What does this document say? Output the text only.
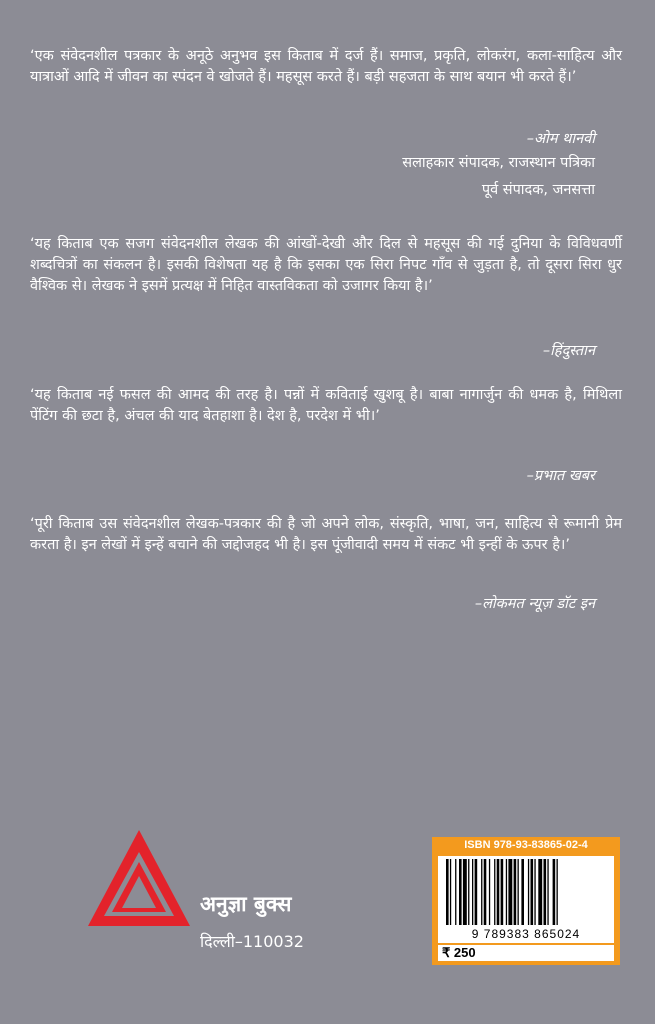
‘एक संवेदनशील पत्रकार के अनूठे अनुभव इस किताब में दर्ज हैं। समाज, प्रकृति, लोकरंग, कला-साहित्य और यात्राओं आदि में जीवन का स्पंदन वे खोजते हैं। महसूस करते हैं। बड़ी सहजता के साथ बयान भी करते हैं।’
–ओम थानवी
सलाहकार संपादक, राजस्थान पत्रिका
पूर्व संपादक, जनसत्ता
‘यह किताब एक सजग संवेदनशील लेखक की आंखों-देखी और दिल से महसूस की गई दुनिया के विविधवर्णी शब्दचित्रों का संकलन है। इसकी विशेषता यह है कि इसका एक सिरा निपट गाँव से जुड़ता है, तो दूसरा सिरा धुर वैश्विक से। लेखक ने इसमें प्रत्यक्ष में निहित वास्तविकता को उजागर किया है।’
–हिंदुस्तान
‘यह किताब नई फसल की आमद की तरह है। पन्नों में कविताई खुशबू है। बाबा नागार्जुन की धमक है, मिथिला पेंटिंग की छटा है, अंचल की याद बेतहाशा है। देश है, परदेश में भी।’
–प्रभात खबर
‘पूरी किताब उस संवेदनशील लेखक-पत्रकार की है जो अपने लोक, संस्कृति, भाषा, जन, साहित्य से रूमानी प्रेम करता है। इन लेखों में इन्हें बचाने की जद्दोजहद भी है। इस पूंजीवादी समय में संकट भी इन्हीं के ऊपर है।’
–लोकमत न्यूज़ डॉट इन
अनुज्ञा बुक्स
दिल्ली–110032
ISBN 978-93-83865-02-4
9 789383 865024
₹ 250
